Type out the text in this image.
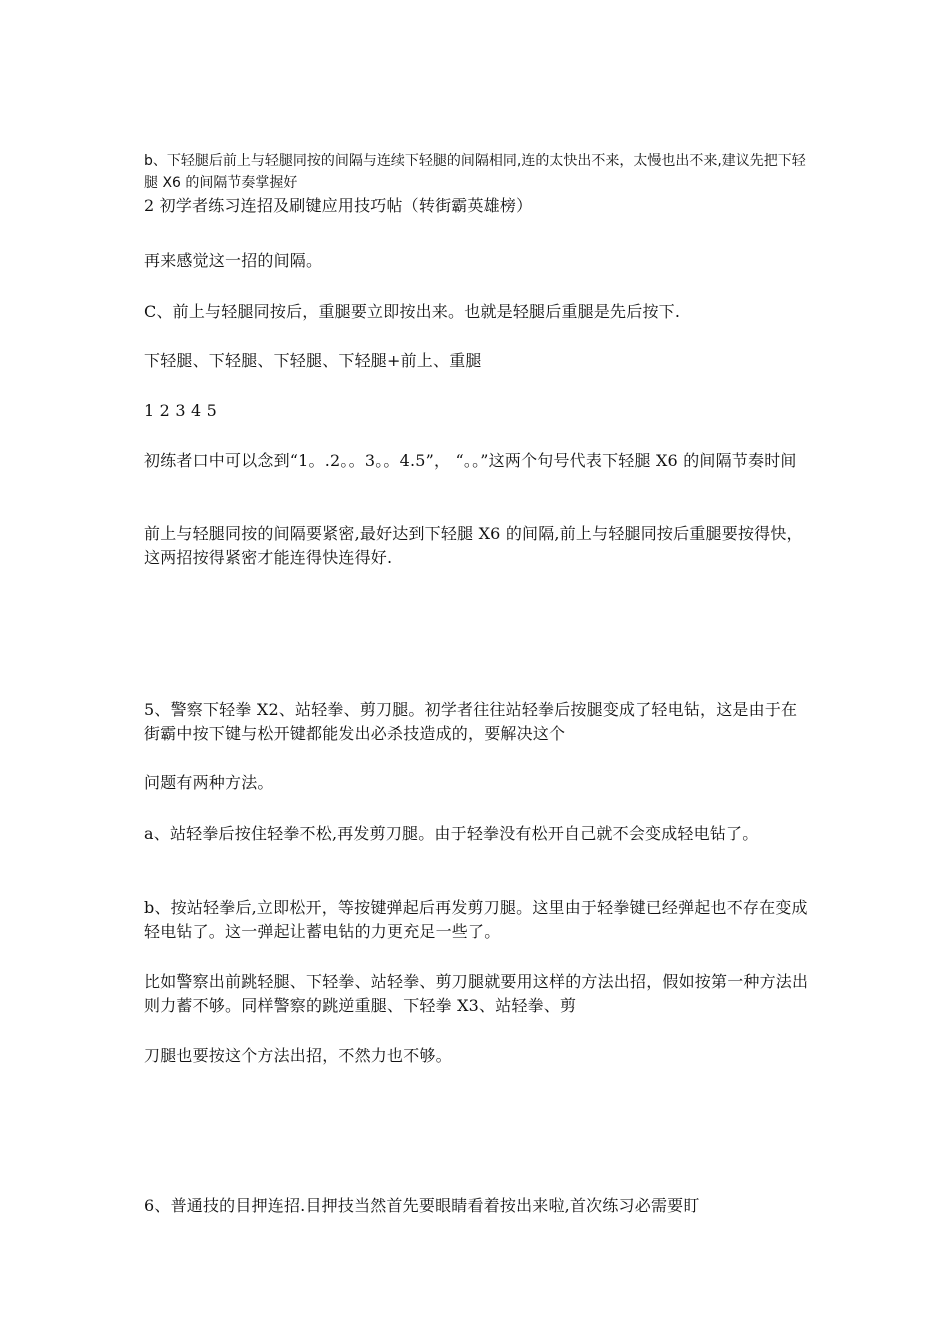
b、下轻腿后前上与轻腿同按的间隔与连续下轻腿的间隔相同,连的太快出不来，太慢也出不来,建议先把下轻腿 X6 的间隔节奏掌握好

2 初学者练习连招及刷键应用技巧帖（转街霸英雄榜）

再来感觉这一招的间隔。

C、前上与轻腿同按后，重腿要立即按出来。也就是轻腿后重腿是先后按下.

下轻腿、下轻腿、下轻腿、下轻腿+前上、重腿

1 2 3 4 5

初练者口中可以念到“1。.2。。3。。4.5”， “。。”这两个句号代表下轻腿 X6 的间隔节奏时间

前上与轻腿同按的间隔要紧密,最好达到下轻腿 X6 的间隔,前上与轻腿同按后重腿要按得快，这两招按得紧密才能连得快连得好.

5、警察下轻拳 X2、站轻拳、剪刀腿。初学者往往站轻拳后按腿变成了轻电钻，这是由于在街霸中按下键与松开键都能发出必杀技造成的，要解决这个

问题有两种方法。

a、站轻拳后按住轻拳不松,再发剪刀腿。由于轻拳没有松开自己就不会变成轻电钻了。

b、按站轻拳后,立即松开，等按键弹起后再发剪刀腿。这里由于轻拳键已经弹起也不存在变成轻电钻了。这一弹起让蓄电钻的力更充足一些了。

比如警察出前跳轻腿、下轻拳、站轻拳、剪刀腿就要用这样的方法出招，假如按第一种方法出则力蓄不够。同样警察的跳逆重腿、下轻拳 X3、站轻拳、剪

刀腿也要按这个方法出招，不然力也不够。

6、普通技的目押连招.目押技当然首先要眼睛看着按出来啦,首次练习必需要盯
